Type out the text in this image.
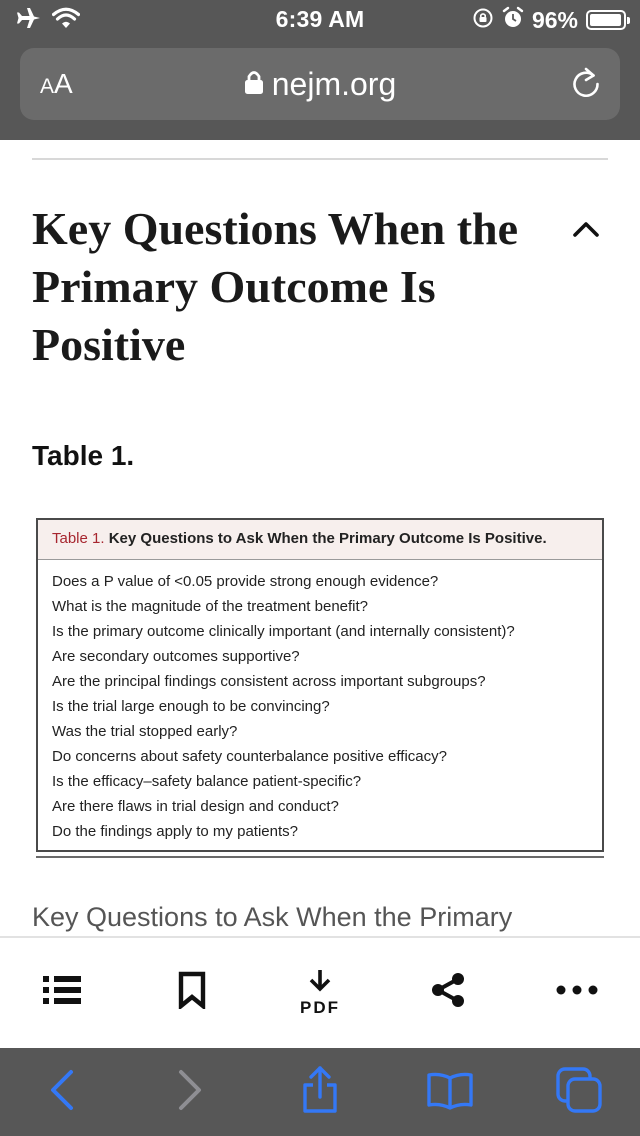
6:39 AM	96%
AA	nejm.org
Key Questions When the Primary Outcome Is Positive
Table 1.
Table 1. Key Questions to Ask When the Primary Outcome Is Positive.
Does a P value of <0.05 provide strong enough evidence?
What is the magnitude of the treatment benefit?
Is the primary outcome clinically important (and internally consistent)?
Are secondary outcomes supportive?
Are the principal findings consistent across important subgroups?
Is the trial large enough to be convincing?
Was the trial stopped early?
Do concerns about safety counterbalance positive efficacy?
Is the efficacy–safety balance patient-specific?
Are there flaws in trial design and conduct?
Do the findings apply to my patients?
Key Questions to Ask When the Primary
PDF
